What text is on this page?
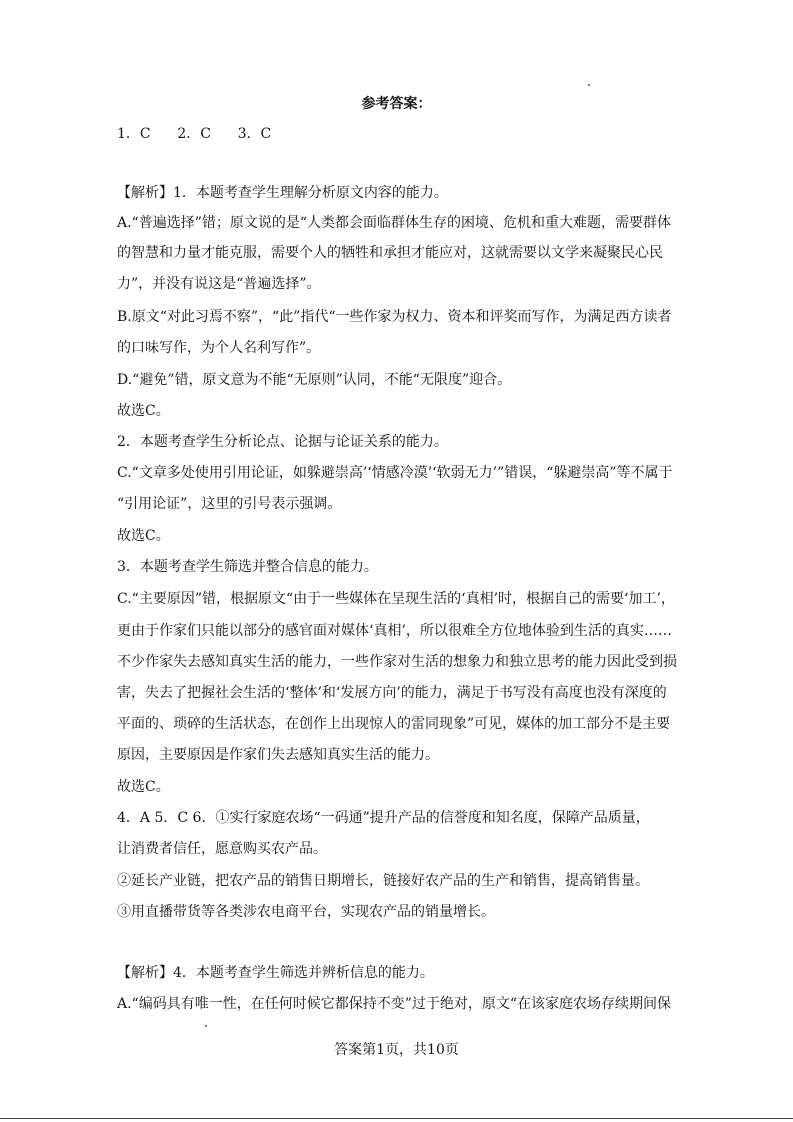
参考答案：
1．C      2．C      3．C
【解析】1．本题考查学生理解分析原文内容的能力。
A.“普遍选择”错；原文说的是“人类都会面临群体生存的困境、危机和重大难题，需要群体
的智慧和力量才能克服，需要个人的牺牲和承担才能应对，这就需要以文学来凝聚民心民
力”，并没有说这是“普遍选择”。
B.原文“对此习焉不察”，“此”指代“一些作家为权力、资本和评奖而写作，为满足西方读者
的口味写作，为个人名利写作”。
D.“避免”错，原文意为不能“无原则”认同，不能“无限度”迎合。
故选C。
2．本题考查学生分析论点、论据与论证关系的能力。
C.“文章多处使用引用论证，如躲避崇高’‘情感冷漠’‘软弱无力’”错误，“躲避崇高”等不属于
“引用论证”，这里的引号表示强调。
故选C。
3．本题考查学生筛选并整合信息的能力。
C.“主要原因”错，根据原文“由于一些媒体在呈现生活的‘真相’时，根据自己的需要‘加工’，
更由于作家们只能以部分的感官面对媒体‘真相’，所以很难全方位地体验到生活的真实……
不少作家失去感知真实生活的能力，一些作家对生活的想象力和独立思考的能力因此受到损
害，失去了把握社会生活的‘整体’和‘发展方向’的能力，满足于书写没有高度也没有深度的
平面的、琐碎的生活状态，在创作上出现惊人的雷同现象”可见，媒体的加工部分不是主要
原因，主要原因是作家们失去感知真实生活的能力。
故选C。
4．A 5．C 6．①实行家庭农场“一码通”提升产品的信誉度和知名度，保障产品质量，
让消费者信任，愿意购买农产品。
②延长产业链，把农产品的销售日期增长，链接好农产品的生产和销售，提高销售量。
③用直播带货等各类涉农电商平台，实现农产品的销量增长。
【解析】4．本题考查学生筛选并辨析信息的能力。
A.“编码具有唯一性，在任何时候它都保持不变”过于绝对，原文“在该家庭农场存续期间保
答案第1页，共10页
